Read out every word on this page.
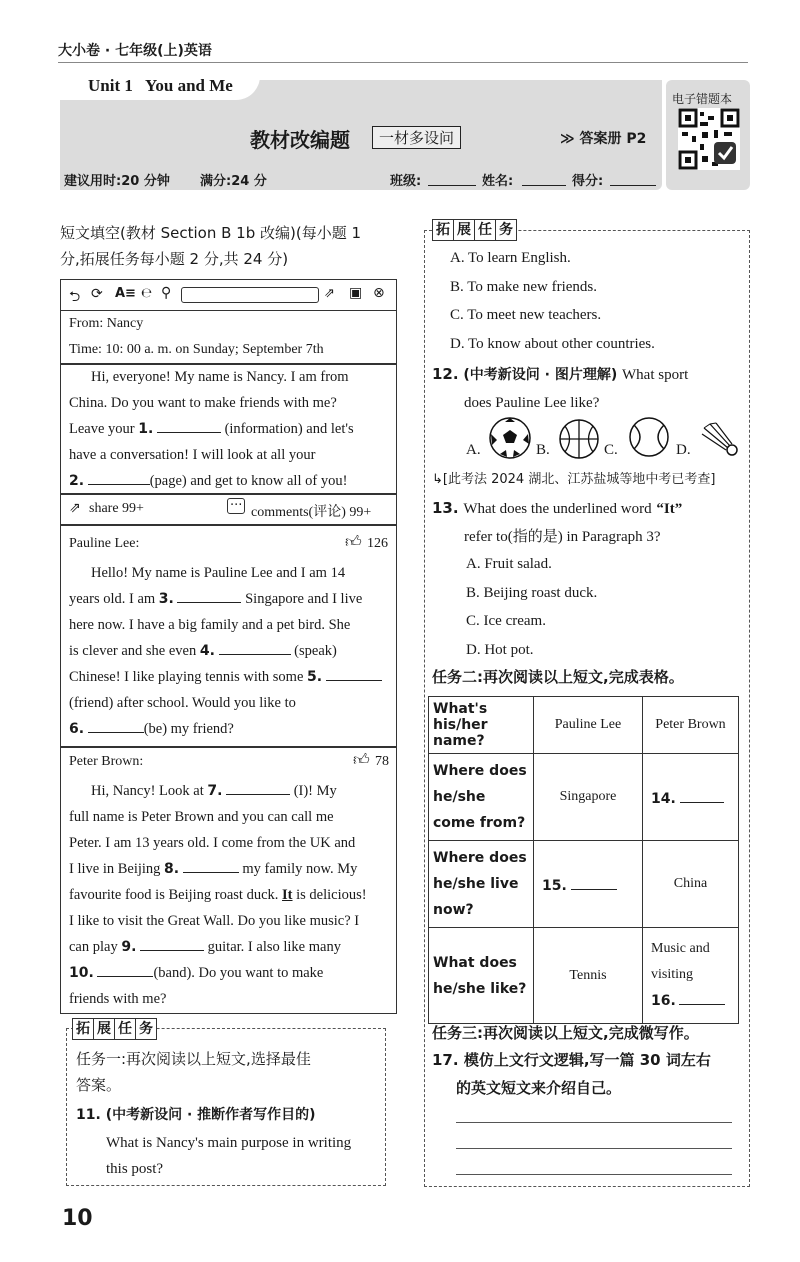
大小卷 · 七年级(上)英语
Unit 1   You and Me
教材改编题	一材多设问	≫ 答案册 P2
建议用时:20 分钟 满分:24 分	班级:	姓名:	得分:
电子错题本

短文填空(教材 Section B 1b 改编)(每小题 1

分,拓展任务每小题 2 分,共 24 分)

⮌ ⟳ A≡ ℮ ⚲	⇗ ▣ ⊗
From: Nancy
Time: 10: 00 a. m. on Sunday; September 7th

Hi, everyone! My name is Nancy. I am from

China. Do you want to make friends with me?

Leave your 1.	(information) and let's

have a conversation! I will look at all your

2.	(page) and get to know all of you!

⇗ share 99+	··· comments(评论) 99+
Pauline Lee:	👍︎ 126

Hello! My name is Pauline Lee and I am 14

years old. I am 3.	Singapore and I live

here now. I have a big family and a pet bird. She

is clever and she even 4.	(speak)

Chinese! I like playing tennis with some 5.

(friend) after school. Would you like to

6.	(be) my friend?

Peter Brown:	👍︎ 78

Hi, Nancy! Look at 7.	(I)! My

full name is Peter Brown and you can call me

Peter. I am 13 years old. I come from the UK and

I live in Beijing 8.	my family now. My

favourite food is Beijing roast duck. It is delicious!

I like to visit the Great Wall. Do you like music? I

can play 9.	guitar. I also like many

10.	(band). Do you want to make

friends with me?

拓 展 任 务

任务一:再次阅读以上短文,选择最佳

答案。

11. (中考新设问 · 推断作者写作目的)

What is Nancy's main purpose in writing

this post?

拓 展 任 务

A. To learn English.

B. To make new friends.

C. To meet new teachers.

D. To know about other countries.

12. (中考新设问 · 图片理解) What sport

does Pauline Lee like?

A.	B.	C.	D.
↳[此考法 2024 湖北、江苏盐城等地中考已考查]

13. What does the underlined word “It”

refer to(指的是) in Paragraph 3?

A. Fruit salad.

B. Beijing roast duck.

C. Ice cream.

D. Hot pot.

任务二:再次阅读以上短文,完成表格。
What's his/her name?	Pauline Lee	Peter Brown
Where does he/she come from?	Singapore	14.
Where does he/she live now?	15.	China
What does he/she like?	Tennis	Music and
visiting
16.
任务三:再次阅读以上短文,完成微写作。

17. 模仿上文行文逻辑,写一篇 30 词左右

的英文短文来介绍自己。

10
